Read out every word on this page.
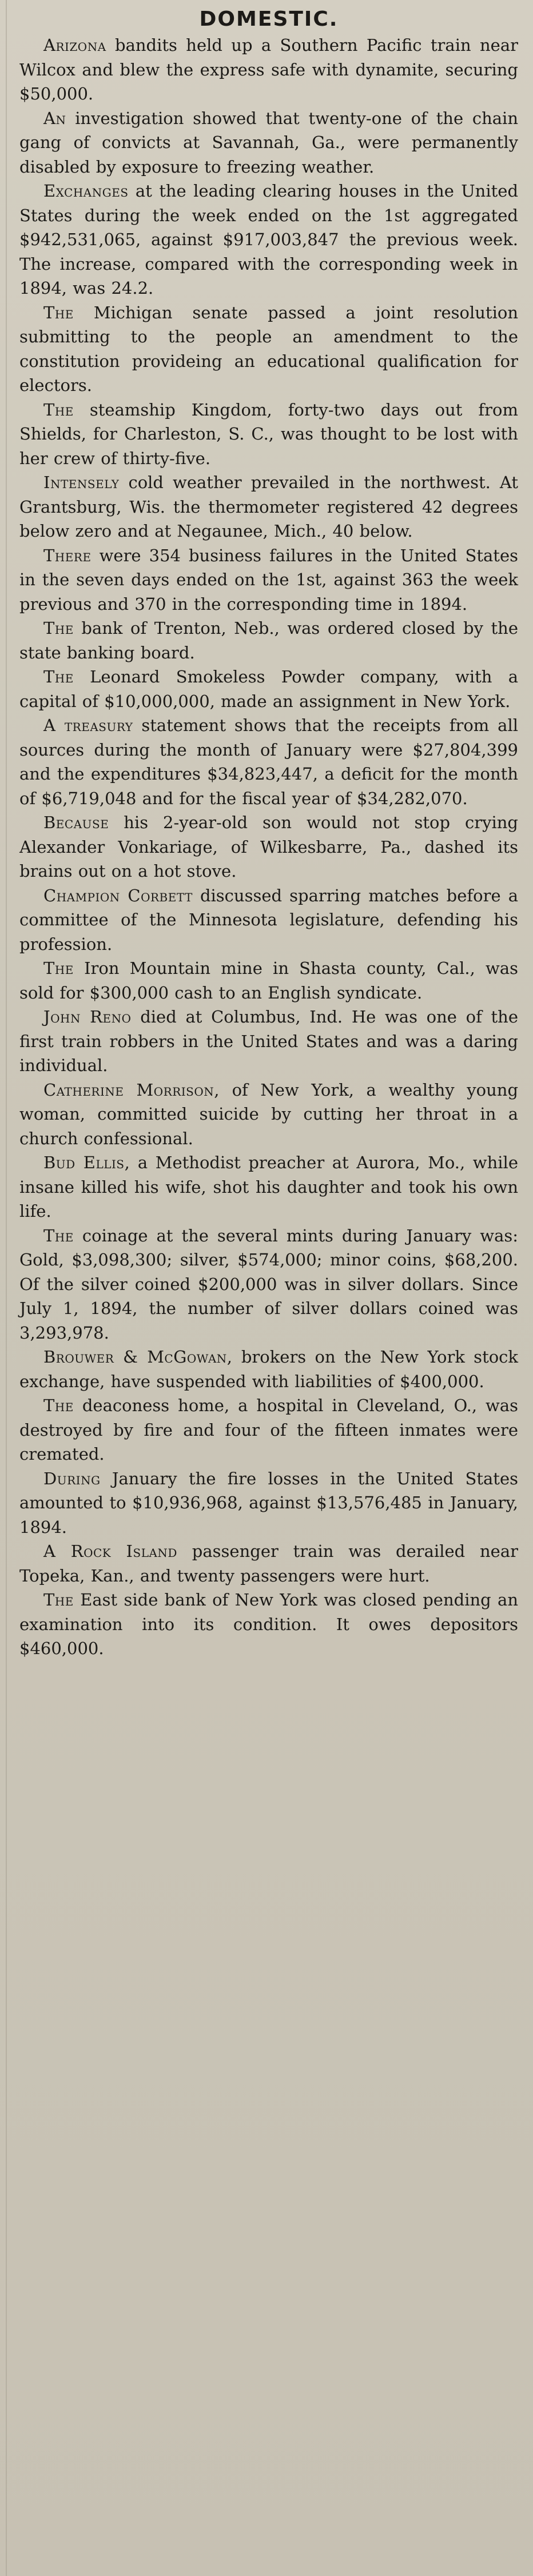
DOMESTIC.

Arizona bandits held up a Southern Pacific train near Wilcox and blew the express safe with dynamite, securing $50,000.

An investigation showed that twenty-one of the chain gang of convicts at Savannah, Ga., were permanently disabled by exposure to freezing weather.

Exchanges at the leading clearing houses in the United States during the week ended on the 1st aggregated $942,531,065, against $917,003,847 the previous week. The increase, compared with the corresponding week in 1894, was 24.2.

The Michigan senate passed a joint resolution submitting to the people an amendment to the constitution provideing an educational qualification for electors.

The steamship Kingdom, forty-two days out from Shields, for Charleston, S. C., was thought to be lost with her crew of thirty-five.

Intensely cold weather prevailed in the northwest. At Grantsburg, Wis. the thermometer registered 42 degrees below zero and at Negaunee, Mich., 40 below.

There were 354 business failures in the United States in the seven days ended on the 1st, against 363 the week previous and 370 in the corresponding time in 1894.

The bank of Trenton, Neb., was ordered closed by the state banking board.

The Leonard Smokeless Powder company, with a capital of $10,000,000, made an assignment in New York.

A treasury statement shows that the receipts from all sources during the month of January were $27,804,399 and the expenditures $34,823,447, a deficit for the month of $6,719,048 and for the fiscal year of $34,282,070.

Because his 2-year-old son would not stop crying Alexander Vonkariage, of Wilkesbarre, Pa., dashed its brains out on a hot stove.

Champion Corbett discussed sparring matches before a committee of the Minnesota legislature, defending his profession.

The Iron Mountain mine in Shasta county, Cal., was sold for $300,000 cash to an English syndicate.

John Reno died at Columbus, Ind. He was one of the first train robbers in the United States and was a daring individual.

Catherine Morrison, of New York, a wealthy young woman, committed suicide by cutting her throat in a church confessional.

Bud Ellis, a Methodist preacher at Aurora, Mo., while insane killed his wife, shot his daughter and took his own life.

The coinage at the several mints during January was: Gold, $3,098,300; silver, $574,000; minor coins, $68,200. Of the silver coined $200,000 was in silver dollars. Since July 1, 1894, the number of silver dollars coined was 3,293,978.

Brouwer & McGowan, brokers on the New York stock exchange, have suspended with liabilities of $400,000.

The deaconess home, a hospital in Cleveland, O., was destroyed by fire and four of the fifteen inmates were cremated.

During January the fire losses in the United States amounted to $10,936,968, against $13,576,485 in January, 1894.

A Rock Island passenger train was derailed near Topeka, Kan., and twenty passengers were hurt.

The East side bank of New York was closed pending an examination into its condition. It owes depositors $460,000.
